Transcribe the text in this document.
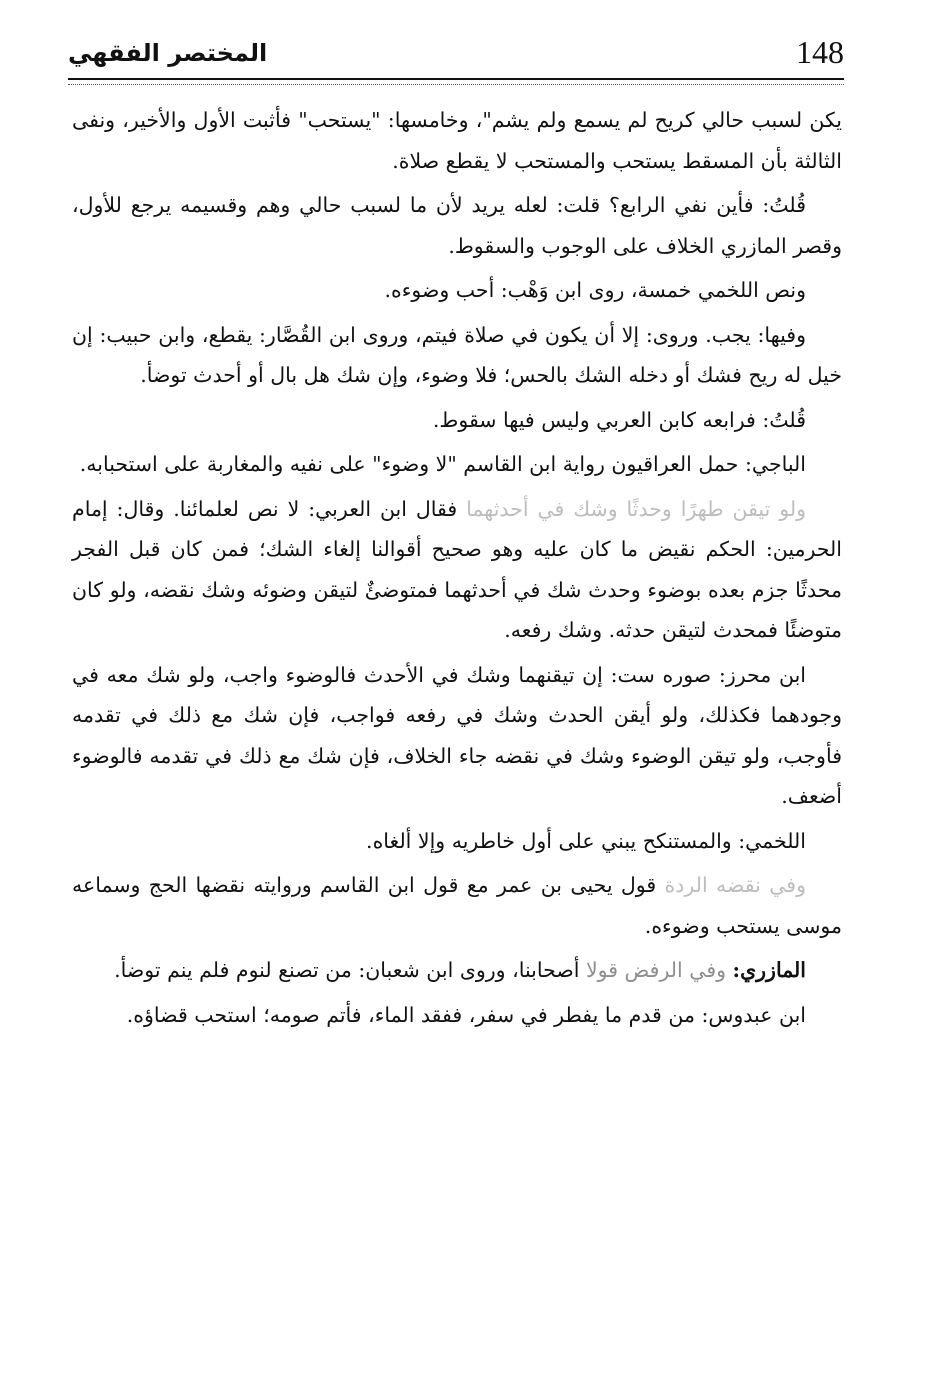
148
المختصر الفقهي

يكن لسبب حالي كريح لم يسمع ولم يشم"، وخامسها: "يستحب" فأثبت الأول والأخير، ونفى الثالثة بأن المسقط يستحب والمستحب لا يقطع صلاة.

قُلتُ: فأين نفي الرابع؟ قلت: لعله يريد لأن ما لسبب حالي وهم وقسيمه يرجع للأول، وقصر المازري الخلاف على الوجوب والسقوط.

ونص اللخمي خمسة، روى ابن وَهْب: أحب وضوءه.

وفيها: يجب. وروى: إلا أن يكون في صلاة فيتم، وروى ابن القُصَّار: يقطع، وابن حبيب: إن خيل له ريح فشك أو دخله الشك بالحس؛ فلا وضوء، وإن شك هل بال أو أحدث توضأ.

قُلتُ: فرابعه كابن العربي وليس فيها سقوط.

الباجي: حمل العراقيون رواية ابن القاسم "لا وضوء" على نفيه والمغاربة على استحبابه.

ولو تيقن طهرًا وحدثًا وشك في أحدثهما فقال ابن العربي: لا نص لعلمائنا. وقال: إمام الحرمين: الحكم نقيض ما كان عليه وهو صحيح أقوالنا إلغاء الشك؛ فمن كان قبل الفجر محدثًا جزم بعده بوضوء وحدث شك في أحدثهما فمتوضئٌ لتيقن وضوئه وشك نقضه، ولو كان متوضئًا فمحدث لتيقن حدثه. وشك رفعه.

ابن محرز: صوره ست: إن تيقنهما وشك في الأحدث فالوضوء واجب، ولو شك معه في وجودهما فكذلك، ولو أيقن الحدث وشك في رفعه فواجب، فإن شك مع ذلك في تقدمه فأوجب، ولو تيقن الوضوء وشك في نقضه جاء الخلاف، فإن شك مع ذلك في تقدمه فالوضوء أضعف.

اللخمي: والمستنكح يبني على أول خاطريه وإلا ألغاه.

وفي نقضه الردة قول يحيى بن عمر مع قول ابن القاسم وروايته نقضها الحج وسماعه موسى يستحب وضوءه.

المازري: وفي الرفض قولا أصحابنا، وروى ابن شعبان: من تصنع لنوم فلم ينم توضأ.

ابن عبدوس: من قدم ما يفطر في سفر، ففقد الماء، فأتم صومه؛ استحب قضاؤه.
